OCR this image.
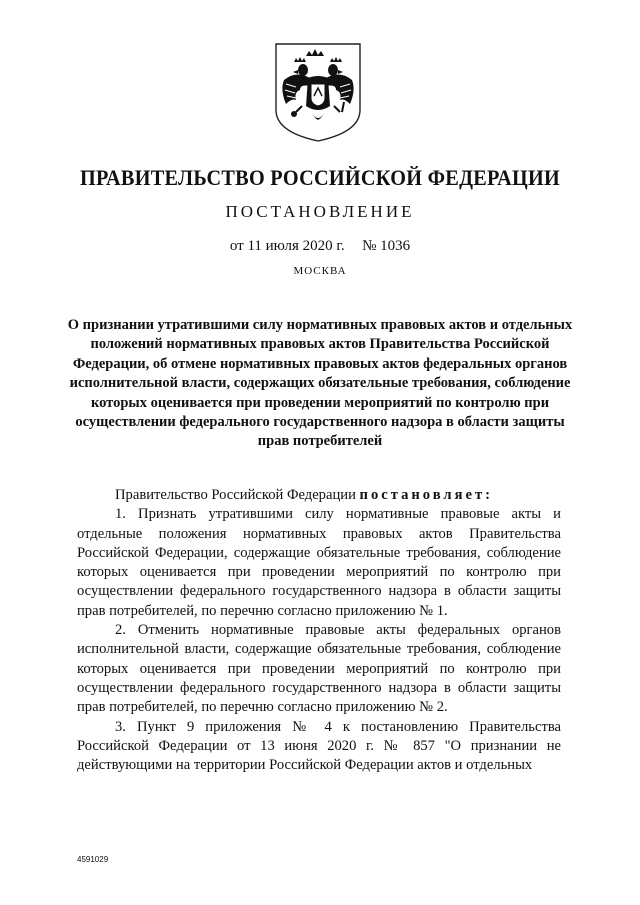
ПРАВИТЕЛЬСТВО РОССИЙСКОЙ ФЕДЕРАЦИИ
ПОСТАНОВЛЕНИЕ
от 11 июля 2020 г. № 1036
МОСКВА
О признании утратившими силу нормативных правовых актов и отдельных положений нормативных правовых актов Правительства Российской Федерации, об отмене нормативных правовых актов федеральных органов исполнительной власти, содержащих обязательные требования, соблюдение которых оценивается при проведении мероприятий по контролю при осуществлении федерального государственного надзора в области защиты прав потребителей

Правительство Российской Федерации постановляет:

1. Признать утратившими силу нормативные правовые акты и отдельные положения нормативных правовых актов Правительства Российской Федерации, содержащие обязательные требования, соблюдение которых оценивается при проведении мероприятий по контролю при осуществлении федерального государственного надзора в области защиты прав потребителей, по перечню согласно приложению № 1.

2. Отменить нормативные правовые акты федеральных органов исполнительной власти, содержащие обязательные требования, соблюдение которых оценивается при проведении мероприятий по контролю при осуществлении федерального государственного надзора в области защиты прав потребителей, по перечню согласно приложению № 2.

3. Пункт 9 приложения № 4 к постановлению Правительства Российской Федерации от 13 июня 2020 г. № 857 "О признании не действующими на территории Российской Федерации актов и отдельных

4591029
